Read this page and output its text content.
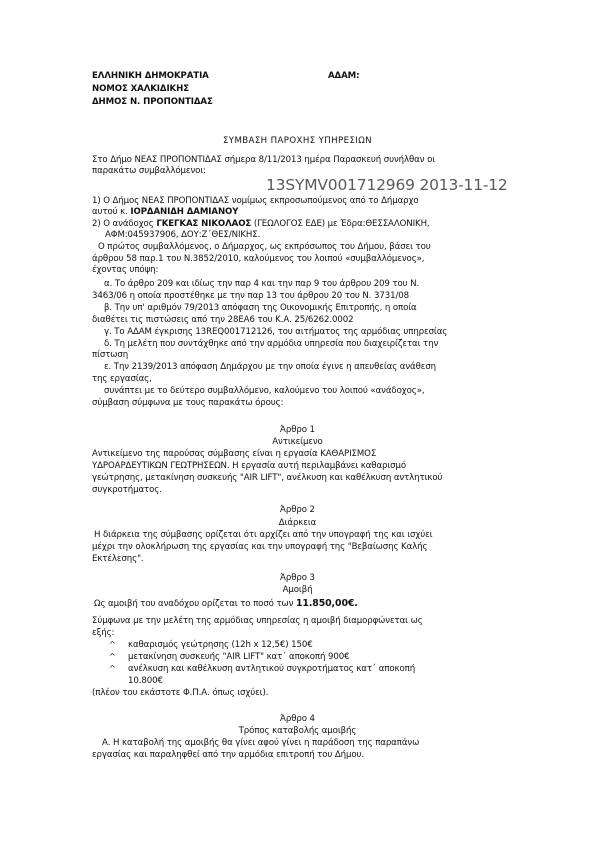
ΕΛΛΗΝΙΚΗ ΔΗΜΟΚΡΑΤΙΑ	ΑΔΑΜ:
ΝΟΜΟΣ ΧΑΛΚΙΔΙΚΗΣ
ΔΗΜΟΣ Ν. ΠΡΟΠΟΝΤΙΔΑΣ
ΣΥΜΒΑΣΗ ΠΑΡΟΧΗΣ ΥΠΗΡΕΣΙΩΝ
Στο Δήμο ΝΕΑΣ ΠΡΟΠΟΝΤΙΔΑΣ σήμερα 8/11/2013 ημέρα Παρασκευή συνήλθαν οι
παρακάτω συμβαλλόμενοι:
13SYMV001712969 2013-11-12
1) Ο Δήμος ΝΕΑΣ ΠΡΟΠΟΝΤΙΔΑΣ νομίμως εκπροσωπούμενος από το Δήμαρχο
αυτού κ. ΙΟΡΔΑΝΙΔΗ ΔΑΜΙΑΝΟΥ
2) Ο ανάδοχος ΓΚΕΓΚΑΣ ΝΙΚΟΛΑΟΣ (ΓΕΩΛΟΓΟΣ ΕΔΕ) με Έδρα:ΘΕΣΣΑΛΟΝΙΚΗ,
ΑΦΜ:045937906, ΔΟΥ:Ζ΄ΘΕΣ/ΝΙΚΗΣ.
Ο πρώτος συμβαλλόμενος, ο Δήμαρχος, ως εκπρόσωπος του Δήμου, βάσει του
άρθρου 58 παρ.1 του Ν.3852/2010, καλούμενος του λοιπού «συμβαλλόμενος»,
έχοντας υπόψη:
α. Το άρθρο 209 και ιδίως την παρ 4 και την παρ 9 του άρθρου 209 του Ν.
3463/06 η οποία προστέθηκε με την παρ 13 του άρθρου 20 του Ν. 3731/08
β. Την υπ' αριθμόν 79/2013 απόφαση της Οικονομικής Επιτροπής, η οποία
διαθέτει τις πιστώσεις από την 28ΕΑ6 του Κ.Α. 25/6262.0002
γ. Το ΑΔΑΜ έγκρισης 13REQ001712126, του αιτήματος της αρμόδιας υπηρεσίας
δ. Τη μελέτη που συντάχθηκε από την αρμόδια υπηρεσία που διαχειρίζεται την
πίστωση
ε. Την 2139/2013 απόφαση Δημάρχου με την οποία έγινε η απευθείας ανάθεση
της εργασίας,
συνάπτει με το δεύτερο συμβαλλόμενο, καλούμενο του λοιπού «ανάδοχος»,
σύμβαση σύμφωνα με τους παρακάτω όρους:
Άρθρο 1
Αντικείμενο
Αντικείμενο της παρούσας σύμβασης είναι η εργασία ΚΑΘΑΡΙΣΜΟΣ
ΥΔΡΟΑΡΔΕΥΤΙΚΩΝ ΓΕΩΤΡΗΣΕΩΝ. Η εργασία αυτή περιλαμβάνει καθαρισμό
γεώτρησης, μετακίνηση συσκευής "AIR LIFT", ανέλκυση και καθέλκυση αντλητικού
συγκροτήματος.
Άρθρο 2
Διάρκεια
Η διάρκεια της σύμβασης ορίζεται ότι αρχίζει από την υπογραφή της και ισχύει
μέχρι την ολοκλήρωση της εργασίας και την υπογραφή της "Βεβαίωσης Καλής
Εκτέλεσης".
Άρθρο 3
Αμοιβή
Ως αμοιβή του αναδόχου ορίζεται το ποσό των 11.850,00€.
Σύμφωνα με την μελέτη της αρμόδιας υπηρεσίας η αμοιβή διαμορφώνεται ως
εξής:
^ καθαρισμός γεώτρησης (12h x 12,5€) 150€
^ μετακίνηση συσκευής "AIR LIFT" κατ΄ αποκοπή 900€
^ ανέλκυση και καθέλκυση αντλητικού συγκροτήματος κατ΄ αποκοπή
10.800€
(πλέον του εκάστοτε Φ.Π.Α. όπως ισχύει).
Άρθρο 4
Τρόπος καταβολής αμοιβής
Α. Η καταβολή της αμοιβής θα γίνει αφού γίνει η παράδοση της παραπάνω
εργασίας και παραληφθεί από την αρμόδια επιτροπή του Δήμου.
